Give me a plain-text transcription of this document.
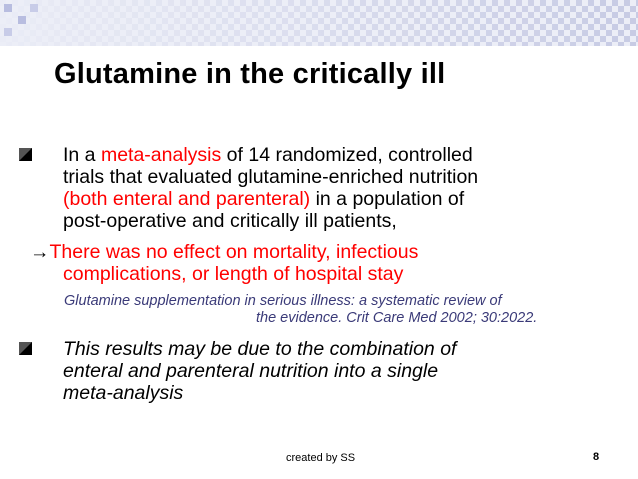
Glutamine in the critically ill
In a meta-analysis of 14 randomized, controlled
trials that evaluated glutamine-enriched nutrition
(both enteral and parenteral) in a population of
post-operative and critically ill patients,
→There was no effect on mortality, infectious
complications, or length of hospital stay
Glutamine supplementation in serious illness: a systematic review of
the evidence. Crit Care Med 2002; 30:2022.
This results may be due to the combination of
enteral and parenteral nutrition into a single
meta-analysis
created by SS	8
